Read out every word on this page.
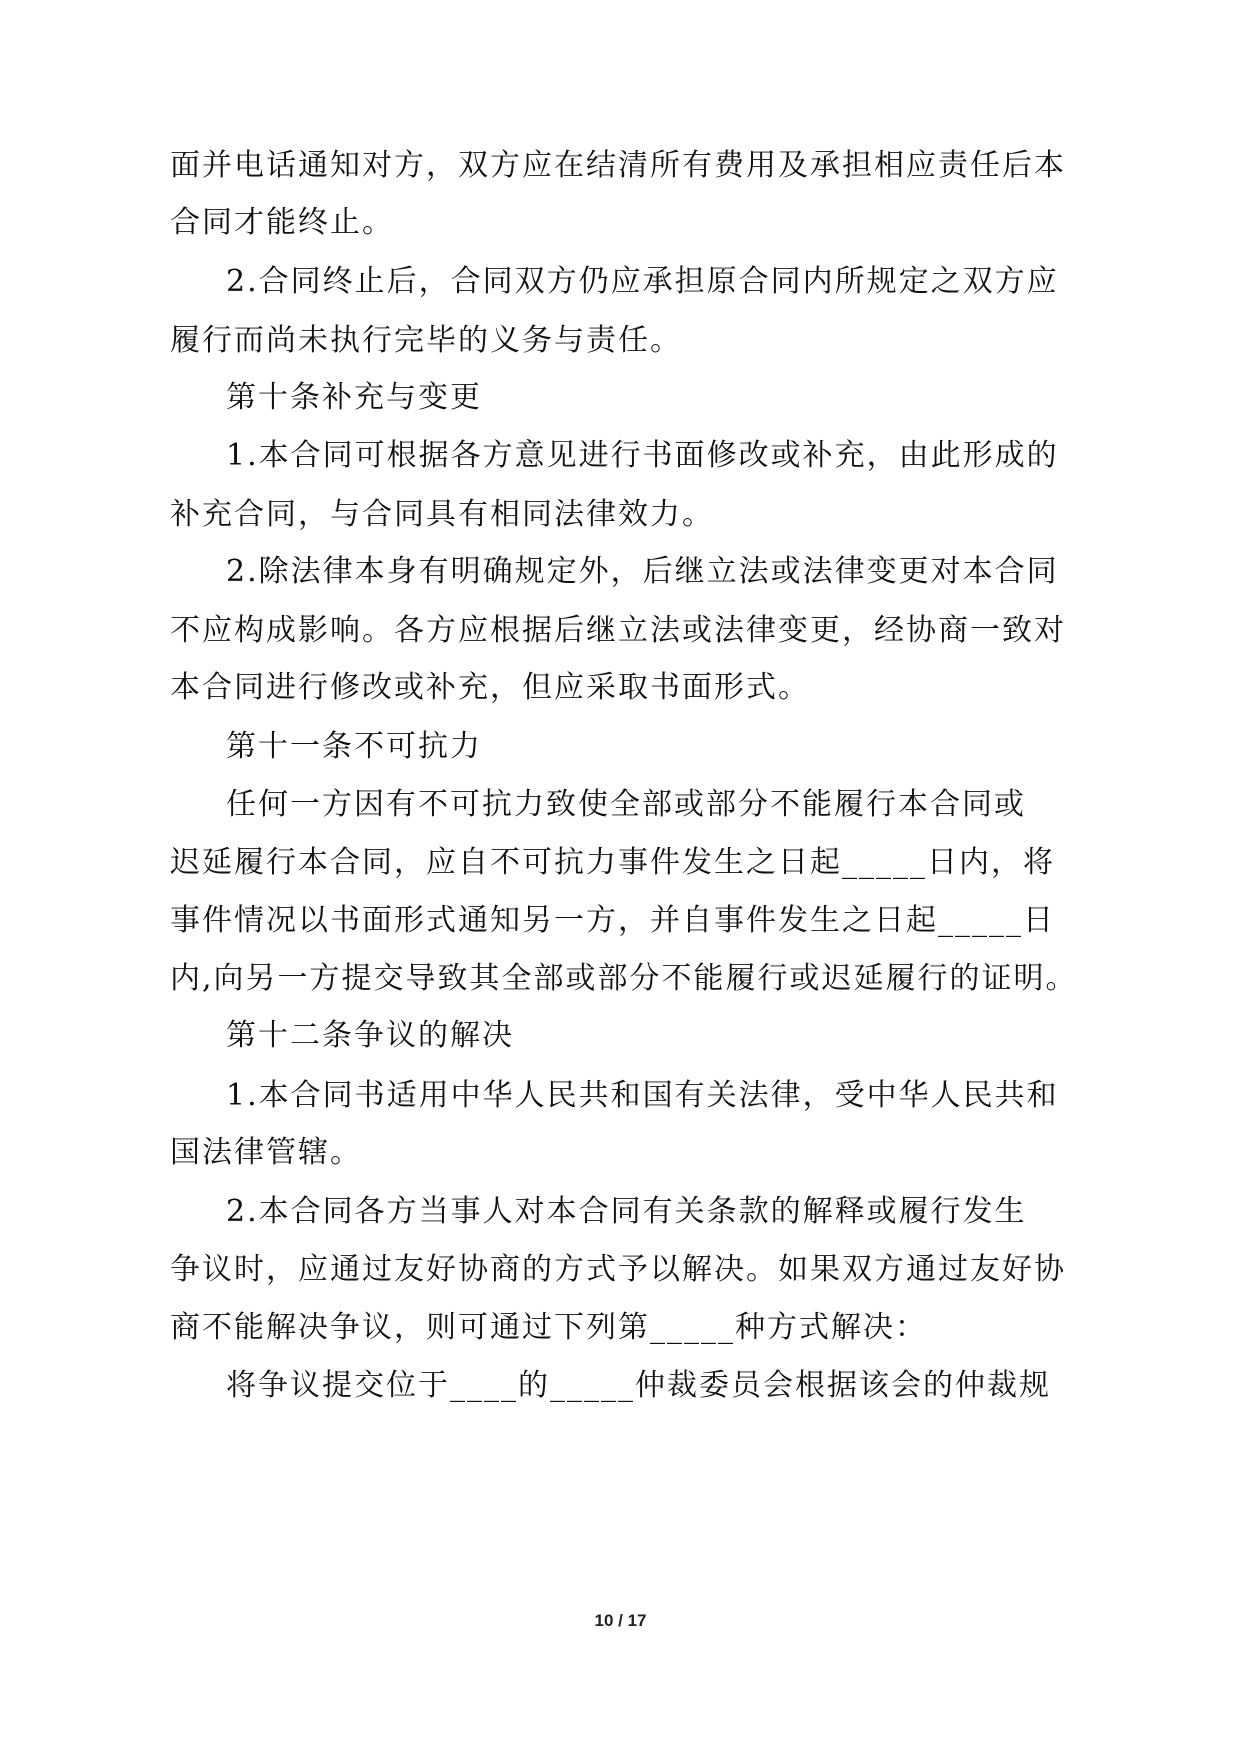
面并电话通知对方，双方应在结清所有费用及承担相应责任后本
合同才能终止。
2.合同终止后，合同双方仍应承担原合同内所规定之双方应
履行而尚未执行完毕的义务与责任。
第十条补充与变更
1.本合同可根据各方意见进行书面修改或补充，由此形成的
补充合同，与合同具有相同法律效力。
2.除法律本身有明确规定外，后继立法或法律变更对本合同
不应构成影响。各方应根据后继立法或法律变更，经协商一致对
本合同进行修改或补充，但应采取书面形式。
第十一条不可抗力
任何一方因有不可抗力致使全部或部分不能履行本合同或
迟延履行本合同，应自不可抗力事件发生之日起_____日内，将
事件情况以书面形式通知另一方，并自事件发生之日起_____日
内,向另一方提交导致其全部或部分不能履行或迟延履行的证明。
第十二条争议的解决
1.本合同书适用中华人民共和国有关法律，受中华人民共和
国法律管辖。
2.本合同各方当事人对本合同有关条款的解释或履行发生
争议时，应通过友好协商的方式予以解决。如果双方通过友好协
商不能解决争议，则可通过下列第_____种方式解决：
将争议提交位于____的_____仲裁委员会根据该会的仲裁规
10 / 17
